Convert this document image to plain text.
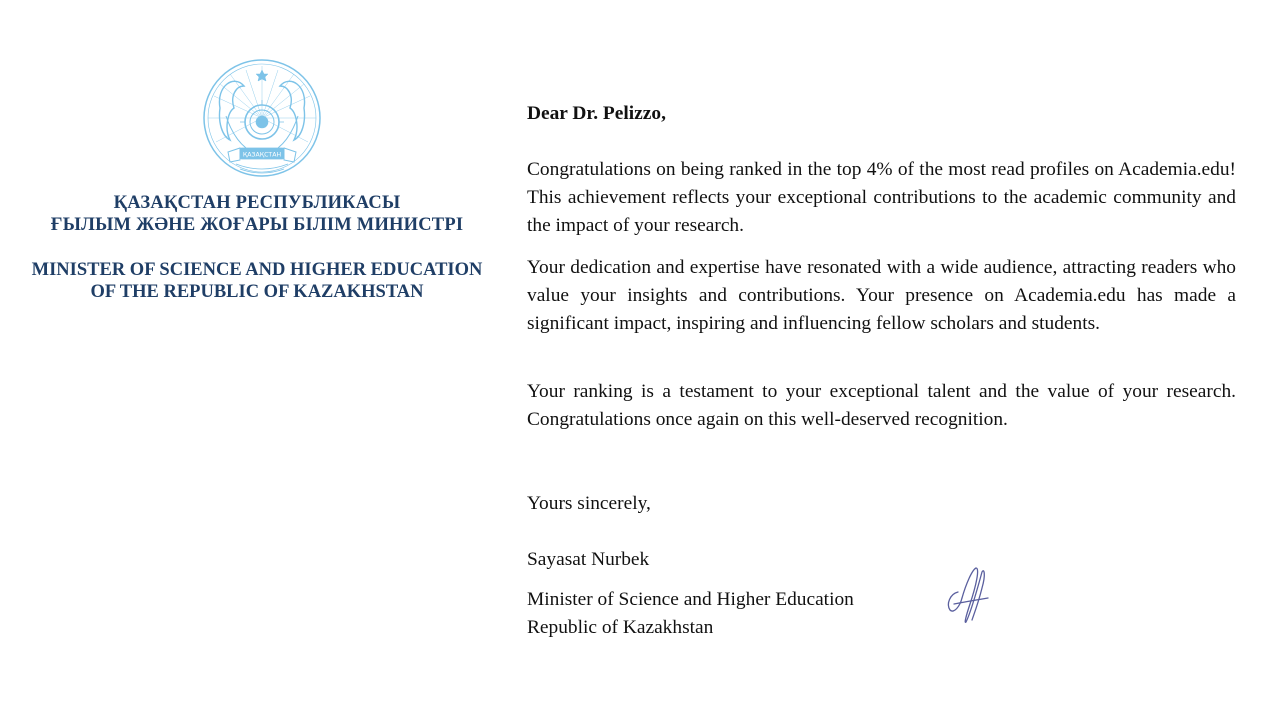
ҚАЗАҚСТАН
ҚАЗАҚСТАН РЕСПУБЛИКАСЫ
ҒЫЛЫМ ЖӘНЕ ЖОҒАРЫ БІЛІМ МИНИСТРІ
MINISTER OF SCIENCE AND HIGHER EDUCATION
OF THE REPUBLIC OF KAZAKHSTAN
Dear Dr. Pelizzo,

Congratulations on being ranked in the top 4% of the most read profiles on Academia.edu! This achievement reflects your exceptional contributions to the academic community and the impact of your research.

Your dedication and expertise have resonated with a wide audience, attracting readers who value your insights and contributions. Your presence on Academia.edu has made a significant impact, inspiring and influencing fellow scholars and students.

Your ranking is a testament to your exceptional talent and the value of your research. Congratulations once again on this well-deserved recognition.

Yours sincerely,
Sayasat Nurbek
Minister of Science and Higher Education
Republic of Kazakhstan
